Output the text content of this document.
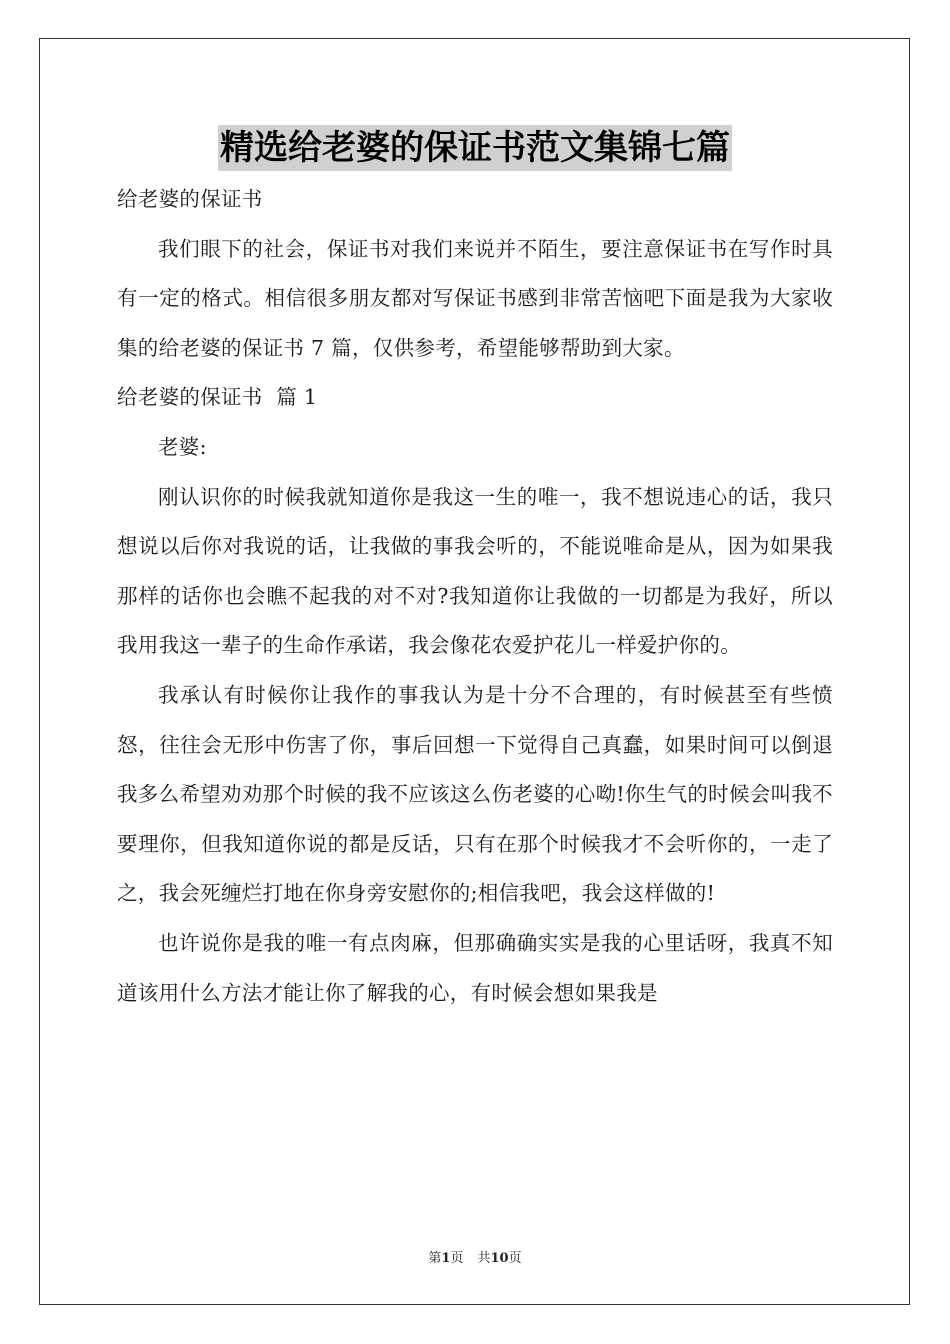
精选给老婆的保证书范文集锦七篇

给老婆的保证书

我们眼下的社会，保证书对我们来说并不陌生，要注意保证书在写作时具有一定的格式。相信很多朋友都对写保证书感到非常苦恼吧下面是我为大家收集的给老婆的保证书 7 篇，仅供参考，希望能够帮助到大家。

给老婆的保证书  篇 1

老婆:

刚认识你的时候我就知道你是我这一生的唯一，我不想说违心的话，我只想说以后你对我说的话，让我做的事我会听的，不能说唯命是从，因为如果我那样的话你也会瞧不起我的对不对?我知道你让我做的一切都是为我好，所以我用我这一辈子的生命作承诺，我会像花农爱护花儿一样爱护你的。

我承认有时候你让我作的事我认为是十分不合理的，有时候甚至有些愤怒，往往会无形中伤害了你，事后回想一下觉得自己真蠢，如果时间可以倒退我多么希望劝劝那个时候的我不应该这么伤老婆的心呦!你生气的时候会叫我不要理你，但我知道你说的都是反话，只有在那个时候我才不会听你的，一走了之，我会死缠烂打地在你身旁安慰你的;相信我吧，我会这样做的!

也许说你是我的唯一有点肉麻，但那确确实实是我的心里话呀，我真不知道该用什么方法才能让你了解我的心，有时候会想如果我是

第1页 共10页
